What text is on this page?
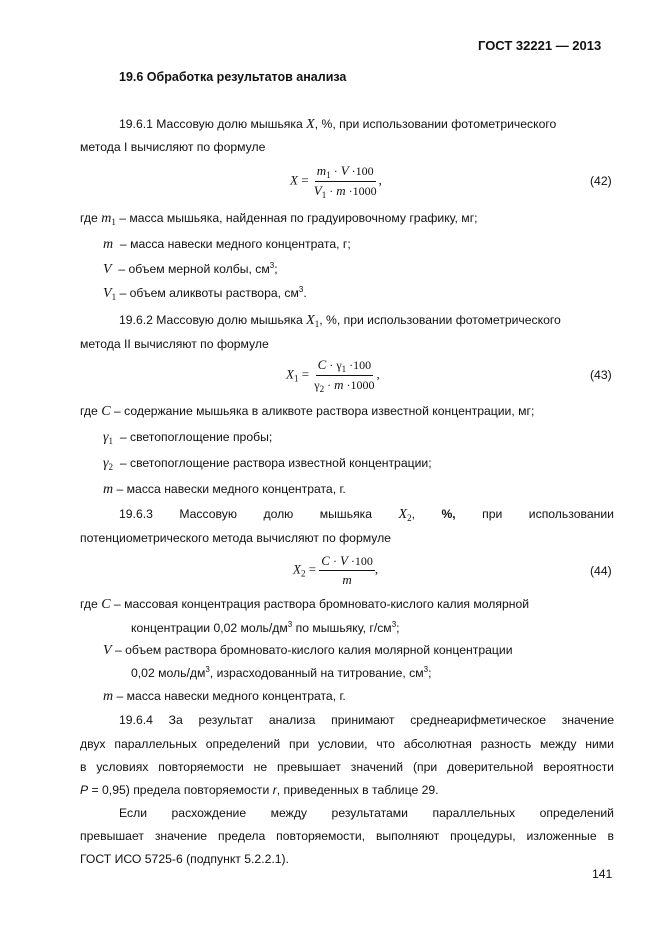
ГОСТ 32221 — 2013
19.6 Обработка результатов анализа
19.6.1 Массовую долю мышьяка X, %, при использовании фотометрического
метода I вычисляют по формуле
$X = \frac{m_1 \cdot V \cdot 100}{V_1 \cdot m \cdot 1000}$ ,	(42)
где $m_1$ – масса мышьяка, найденная по градуировочному графику, мг;
m – масса навески медного концентрата, г;
V – объем мерной колбы, $см^3$;
$V_1$ – объем аликвоты раствора, $см^3$.
19.6.2 Массовую долю мышьяка $X_1$, %, при использовании фотометрического
метода II вычисляют по формуле
$X_1 = \frac{C \cdot \gamma_1 \cdot 100}{\gamma_2 \cdot m \cdot 1000}$ ,	(43)
где C – содержание мышьяка в аликвоте раствора известной концентрации, мг;
$\gamma_1$ – светопоглощение пробы;
$\gamma_2$ – светопоглощение раствора известной концентрации;
m – масса навески медного концентрата, г.
19.6.3 Массовую долю мышьяка $X_2$, %, при использовании
потенциометрического метода вычисляют по формуле
$X_2 = \frac{C \cdot V \cdot 100}{m}$ ,	(44)
где C – массовая концентрация раствора бромновато-кислого калия молярной
концентрации 0,02 моль/$дм^3$ по мышьяку, $г/см^3$;
V – объем раствора бромновато-кислого калия молярной концентрации
0,02 моль/$дм^3$, израсходованный на титрование, $см^3$;
m – масса навески медного концентрата, г.
19.6.4 За результат анализа принимают среднеарифметическое значение
двух параллельных определений при условии, что абсолютная разность между ними
в условиях повторяемости не превышает значений (при доверительной вероятности
P = 0,95) предела повторяемости r, приведенных в таблице 29.
Если расхождение между результатами параллельных определений
превышает значение предела повторяемости, выполняют процедуры, изложенные в
ГОСТ ИСО 5725-6 (подпункт 5.2.2.1).
141
